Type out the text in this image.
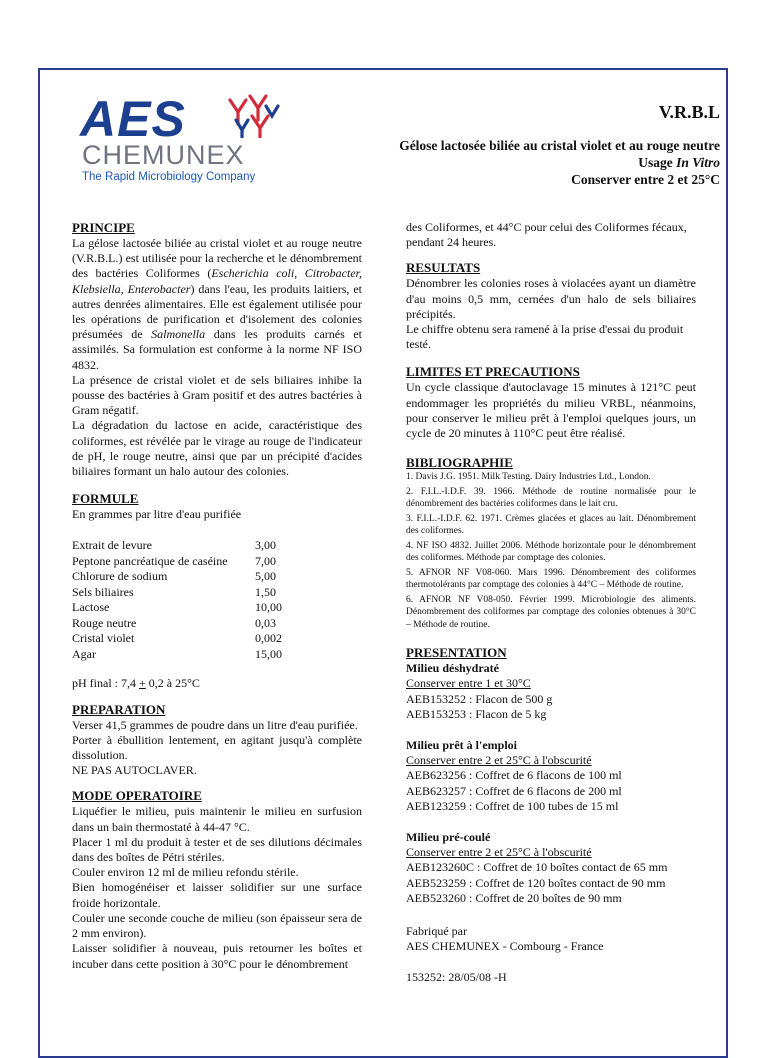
AES
CHEMUNEX
The Rapid Microbiology Company
V.R.B.L
Gélose lactosée biliée au cristal violet et au rouge neutre
Usage In Vitro
Conserver entre 2 et 25°C
PRINCIPE

La gélose lactosée biliée au cristal violet et au rouge neutre (V.R.B.L.) est utilisée pour la recherche et le dénombrement des bactéries Coliformes (Escherichia coli, Citrobacter, Klebsiella, Enterobacter) dans l'eau, les produits laitiers, et autres denrées alimentaires. Elle est également utilisée pour les opérations de purification et d'isolement des colonies présumées de Salmonella dans les produits carnés et assimilés. Sa formulation est conforme à la norme NF ISO 4832.

La présence de cristal violet et de sels biliaires inhibe la pousse des bactéries à Gram positif et des autres bactéries à Gram négatif.

La dégradation du lactose en acide, caractéristique des coliformes, est révélée par le virage au rouge de l'indicateur de pH, le rouge neutre, ainsi que par un précipité d'acides biliaires formant un halo autour des colonies.

FORMULE

En grammes par litre d'eau purifiée

Extrait de levure	3,00
Peptone pancréatique de caséine	7,00
Chlorure de sodium	5,00
Sels biliaires	1,50
Lactose	10,00
Rouge neutre	0,03
Cristal violet	0,002
Agar	15,00

pH final : 7,4 + 0,2 à 25°C

PREPARATION

Verser 41,5 grammes de poudre dans un litre d'eau purifiée.

Porter à ébullition lentement, en agitant jusqu'à complète dissolution.

NE PAS AUTOCLAVER.

MODE OPERATOIRE

Liquéfier le milieu, puis maintenir le milieu en surfusion dans un bain thermostaté à 44-47 °C.

Placer 1 ml du produit à tester et de ses dilutions décimales dans des boîtes de Pétri stériles.

Couler environ 12 ml de milieu refondu stérile.

Bien homogénéiser et laisser solidifier sur une surface froide horizontale.

Couler une seconde couche de milieu (son épaisseur sera de 2 mm environ).

Laisser solidifier à nouveau, puis retourner les boîtes et incuber dans cette position à 30°C pour le dénombrement

des Coliformes, et 44°C pour celui des Coliformes fécaux, pendant 24 heures.

RESULTATS

Dénombrer les colonies roses à violacées ayant un diamètre d'au moins 0,5 mm, cernées d'un halo de sels biliaires précipités.

Le chiffre obtenu sera ramené à la prise d'essai du produit testé.

LIMITES ET PRECAUTIONS

Un cycle classique d'autoclavage 15 minutes à 121°C peut endommager les propriétés du milieu VRBL, néanmoins, pour conserver le milieu prêt à l'emploi quelques jours, un cycle de 20 minutes à 110°C peut être réalisé.

BIBLIOGRAPHIE

1. Davis J.G. 1951. Milk Testing. Dairy Industries Ltd., London.

2. F.I.L.-I.D.F. 39. 1966. Méthode de routine normalisée pour le dénombrement des bactéries coliformes dans le lait cru.

3. F.I.L.-I.D.F. 62. 1971. Crèmes glacées et glaces au lait. Dénombrement des coliformes.

4. NF ISO 4832. Juillet 2006. Méthode horizontale pour le dénombrement des coliformes. Méthode par comptage des colonies.

5. AFNOR NF V08-060. Mars 1996. Dénombrement des coliformes thermotolérants par comptage des colonies à 44°C – Méthode de routine.

6. AFNOR NF V08-050. Février 1999. Microbiologie des aliments. Dénombrement des coliformes par comptage des colonies obtenues à 30°C – Méthode de routine.

PRESENTATION

Milieu déshydraté

Conserver entre 1 et 30°C

AEB153252 : Flacon de 500 g

AEB153253 : Flacon de 5 kg

Milieu prêt à l'emploi

Conserver entre 2 et 25°C à l'obscurité

AEB623256 : Coffret de 6 flacons de 100 ml

AEB623257 : Coffret de 6 flacons de 200 ml

AEB123259 : Coffret de 100 tubes de 15 ml

Milieu pré-coulé

Conserver entre 2 et 25°C à l'obscurité

AEB123260C : Coffret de 10 boîtes contact de 65 mm

AEB523259 : Coffret de 120 boîtes contact de 90 mm

AEB523260 : Coffret de 20 boîtes de 90 mm

Fabriqué par

AES CHEMUNEX - Combourg - France

153252: 28/05/08 -H
